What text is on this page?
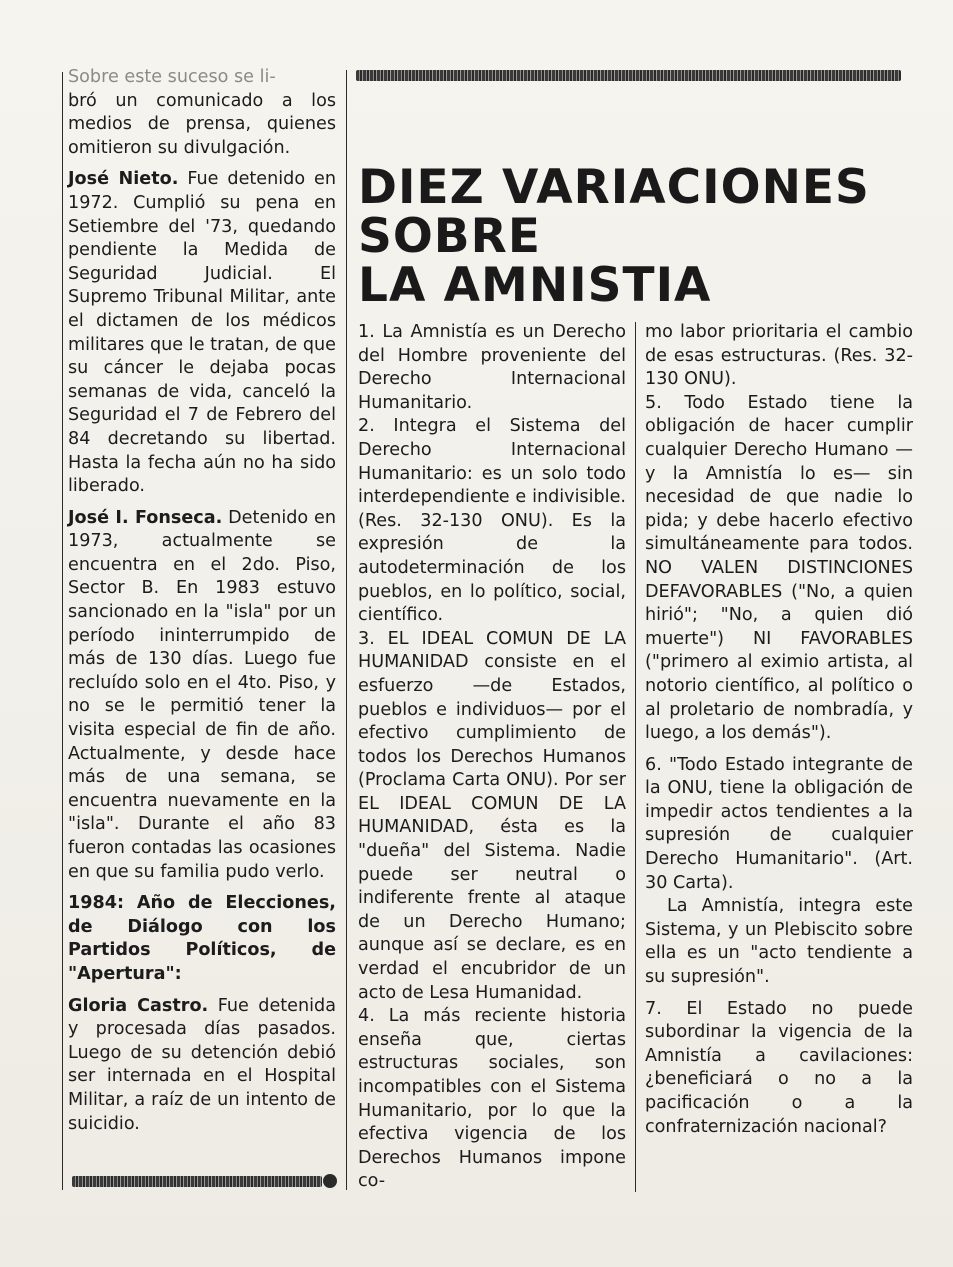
DIEZ VARIACIONES
SOBRE
LA AMNISTIA

Sobre este suceso se li-

bró un comunicado a los medios de prensa, quienes omitieron su divulgación.

José Nieto. Fue detenido en 1972. Cumplió su pena en Setiembre del '73, quedando pendiente la Medida de Seguridad Judicial. El Supremo Tribunal Militar, ante el dictamen de los médicos militares que le tratan, de que su cáncer le dejaba pocas semanas de vida, canceló la Seguridad el 7 de Febrero del 84 decretando su libertad. Hasta la fecha aún no ha sido liberado.

José I. Fonseca. Detenido en 1973, actualmente se encuentra en el 2do. Piso, Sector B. En 1983 estuvo sancionado en la "isla" por un período ininterrumpido de más de 130 días. Luego fue recluído solo en el 4to. Piso, y no se le permitió tener la visita especial de fin de año. Actualmente, y desde hace más de una semana, se encuentra nuevamente en la "isla". Durante el año 83 fueron contadas las ocasiones en que su familia pudo verlo.

1984: Año de Elecciones, de Diálogo con los Partidos Políticos, de "Apertura":

Gloria Castro. Fue detenida y procesada días pasados. Luego de su detención debió ser internada en el Hospital Militar, a raíz de un intento de suicidio.

1. La Amnistía es un Derecho del Hombre proveniente del Derecho Internacional Humanitario.

2. Integra el Sistema del Derecho Internacional Humanitario: es un solo todo interdependiente e indivisible. (Res. 32-130 ONU). Es la expresión de la autodeterminación de los pueblos, en lo político, social, científico.

3. EL IDEAL COMUN DE LA HUMANIDAD consiste en el esfuerzo —de Estados, pueblos e individuos— por el efectivo cumplimiento de todos los Derechos Humanos (Proclama Carta ONU). Por ser EL IDEAL COMUN DE LA HUMANIDAD, ésta es la "dueña" del Sistema. Nadie puede ser neutral o indiferente frente al ataque de un Derecho Humano; aunque así se declare, es en verdad el encubridor de un acto de Lesa Humanidad.

4. La más reciente historia enseña que, ciertas estructuras sociales, son incompatibles con el Sistema Humanitario, por lo que la efectiva vigencia de los Derechos Humanos impone co-

mo labor prioritaria el cambio de esas estructuras. (Res. 32-130 ONU).

5. Todo Estado tiene la obligación de hacer cumplir cualquier Derecho Humano —y la Amnistía lo es— sin necesidad de que nadie lo pida; y debe hacerlo efectivo simultáneamente para todos. NO VALEN DISTINCIONES DEFAVORABLES ("No, a quien hirió"; "No, a quien dió muerte") NI FAVORABLES ("primero al eximio artista, al notorio científico, al político o al proletario de nombradía, y luego, a los demás").

6. "Todo Estado integrante de la ONU, tiene la obligación de impedir actos tendientes a la supresión de cualquier Derecho Humanitario". (Art. 30 Carta).

La Amnistía, integra este Sistema, y un Plebiscito sobre ella es un "acto tendiente a su supresión".

7. El Estado no puede subordinar la vigencia de la Amnistía a cavilaciones: ¿beneficiará o no a la pacificación o a la confraternización nacional?
